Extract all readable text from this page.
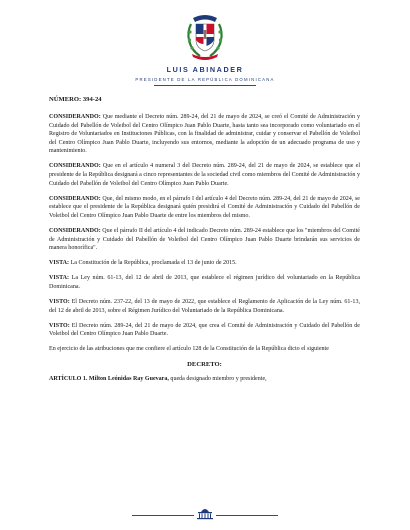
LUIS ABINADER
PRESIDENTE DE LA REPÚBLICA DOMINICANA
NÚMERO: 394-24

CONSIDERANDO: Que mediante el Decreto núm. 289-24, del 21 de mayo de 2024, se creó el Comité de Administración y Cuidado del Pabellón de Voleibol del Centro Olímpico Juan Pablo Duarte, hasta tanto sea incorporado como voluntariado en el Registro de Voluntariados en Instituciones Públicas, con la finalidad de administrar, cuidar y conservar el Pabellón de Voleibol del Centro Olímpico Juan Pablo Duarte, incluyendo sus entornos, mediante la adopción de un adecuado programa de uso y mantenimiento.

CONSIDERANDO: Que en el artículo 4 numeral 3 del Decreto núm. 289-24, del 21 de mayo de 2024, se establece que el presidente de la República designará a cinco representantes de la sociedad civil como miembros del Comité de Administración y Cuidado del Pabellón de Voleibol del Centro Olímpico Juan Pablo Duarte.

CONSIDERANDO: Que, del mismo modo, en el párrafo I del artículo 4 del Decreto núm. 289-24, del 21 de mayo de 2024, se establece que el presidente de la República designará quién presidirá el Comité de Administración y Cuidado del Pabellón de Voleibol del Centro Olímpico Juan Pablo Duarte de entre los miembros del mismo.

CONSIDERANDO: Que el párrafo II del artículo 4 del indicado Decreto núm. 289-24 establece que los "miembros del Comité de Administración y Cuidado del Pabellón de Voleibol del Centro Olímpico Juan Pablo Duarte brindarán sus servicios de manera honorífica".

VISTA: La Constitución de la República, proclamada el 13 de junio de 2015.

VISTA: La Ley núm. 61-13, del 12 de abril de 2013, que establece el régimen jurídico del voluntariado en la República Dominicana.

VISTO: El Decreto núm. 237-22, del 13 de mayo de 2022, que establece el Reglamento de Aplicación de la Ley núm. 61-13, del 12 de abril de 2013, sobre el Régimen Jurídico del Voluntariado de la República Dominicana.

VISTO: El Decreto núm. 289-24, del 21 de mayo de 2024, que crea el Comité de Administración y Cuidado del Pabellón de Voleibol del Centro Olímpico Juan Pablo Duarte.

En ejercicio de las atribuciones que me confiere el artículo 128 de la Constitución de la República dicto el siguiente

DECRETO:

ARTÍCULO 1. Milton Leónidas Ray Guevara, queda designado miembro y presidente,
